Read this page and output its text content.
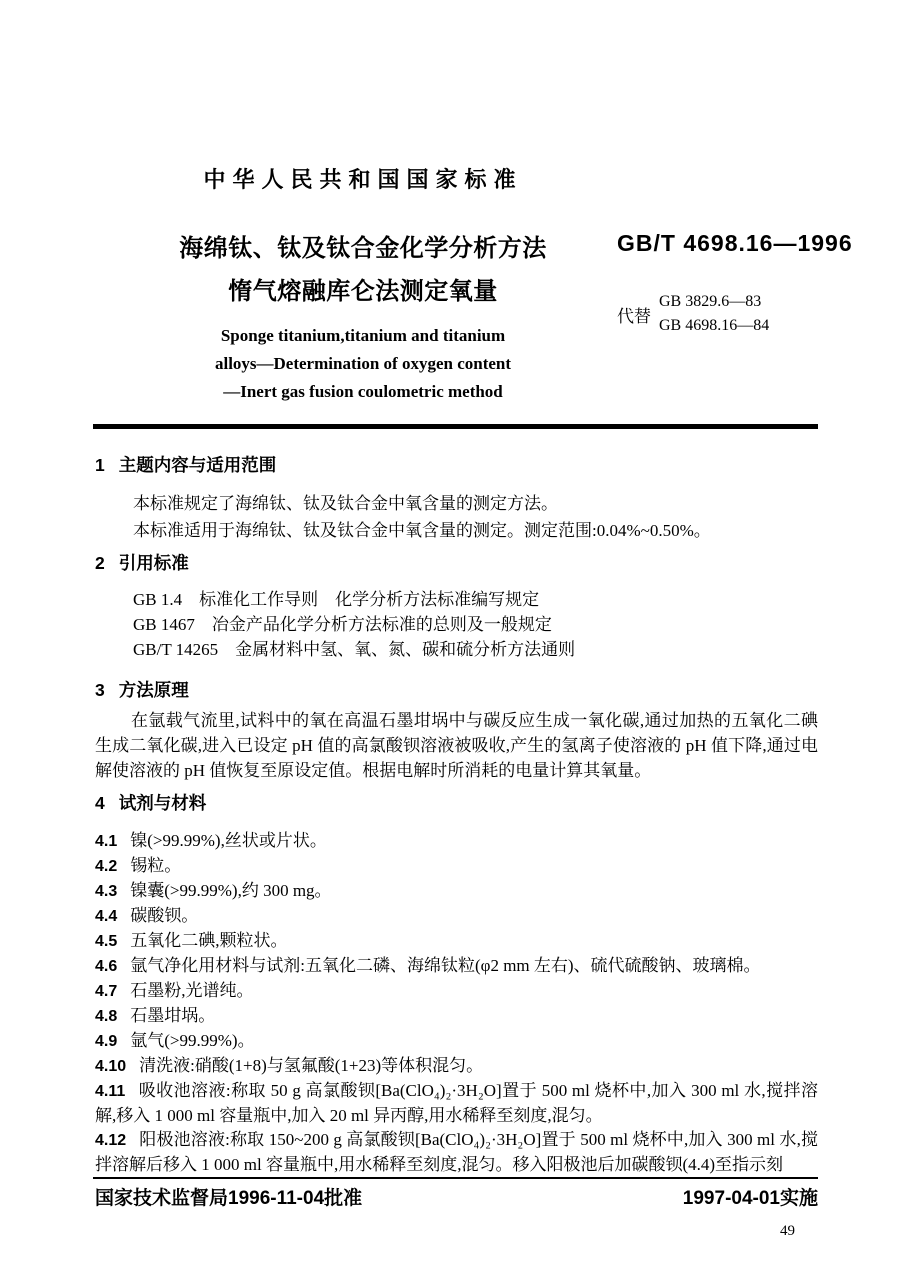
中华人民共和国国家标准
海绵钛、钛及钛合金化学分析方法
惰气熔融库仑法测定氧量
Sponge titanium,titanium and titanium
alloys—Determination of oxygen content
—Inert gas fusion coulometric method
GB/T 4698.16—1996
代替
GB 3829.6—83
GB 4698.16—84

1 主题内容与适用范围

本标准规定了海绵钛、钛及钛合金中氧含量的测定方法。

本标准适用于海绵钛、钛及钛合金中氧含量的测定。测定范围:0.04%~0.50%。

2 引用标准

GB 1.4　标准化工作导则　化学分析方法标准编写规定

GB 1467　冶金产品化学分析方法标准的总则及一般规定

GB/T 14265　金属材料中氢、氧、氮、碳和硫分析方法通则

3 方法原理

在氩载气流里,试料中的氧在高温石墨坩埚中与碳反应生成一氧化碳,通过加热的五氧化二碘生成二氧化碳,进入已设定 pH 值的高氯酸钡溶液被吸收,产生的氢离子使溶液的 pH 值下降,通过电解使溶液的 pH 值恢复至原设定值。根据电解时所消耗的电量计算其氧量。

4 试剂与材料

4.1 镍(>99.99%),丝状或片状。

4.2 锡粒。

4.3 镍囊(>99.99%),约 300 mg。

4.4 碳酸钡。

4.5 五氧化二碘,颗粒状。

4.6 氩气净化用材料与试剂:五氧化二磷、海绵钛粒(φ2 mm 左右)、硫代硫酸钠、玻璃棉。

4.7 石墨粉,光谱纯。

4.8 石墨坩埚。

4.9 氩气(>99.99%)。

4.10 清洗液:硝酸(1+8)与氢氟酸(1+23)等体积混匀。

4.11 吸收池溶液:称取 50 g 高氯酸钡[Ba(ClO₄)₂·3H₂O]置于 500 ml 烧杯中,加入 300 ml 水,搅拌溶解,移入 1 000 ml 容量瓶中,加入 20 ml 异丙醇,用水稀释至刻度,混匀。

4.12 阳极池溶液:称取 150~200 g 高氯酸钡[Ba(ClO₄)₂·3H₂O]置于 500 ml 烧杯中,加入 300 ml 水,搅拌溶解后移入 1 000 ml 容量瓶中,用水稀释至刻度,混匀。移入阳极池后加碳酸钡(4.4)至指示刻

国家技术监督局1996-11-04批准	1997-04-01实施
49
